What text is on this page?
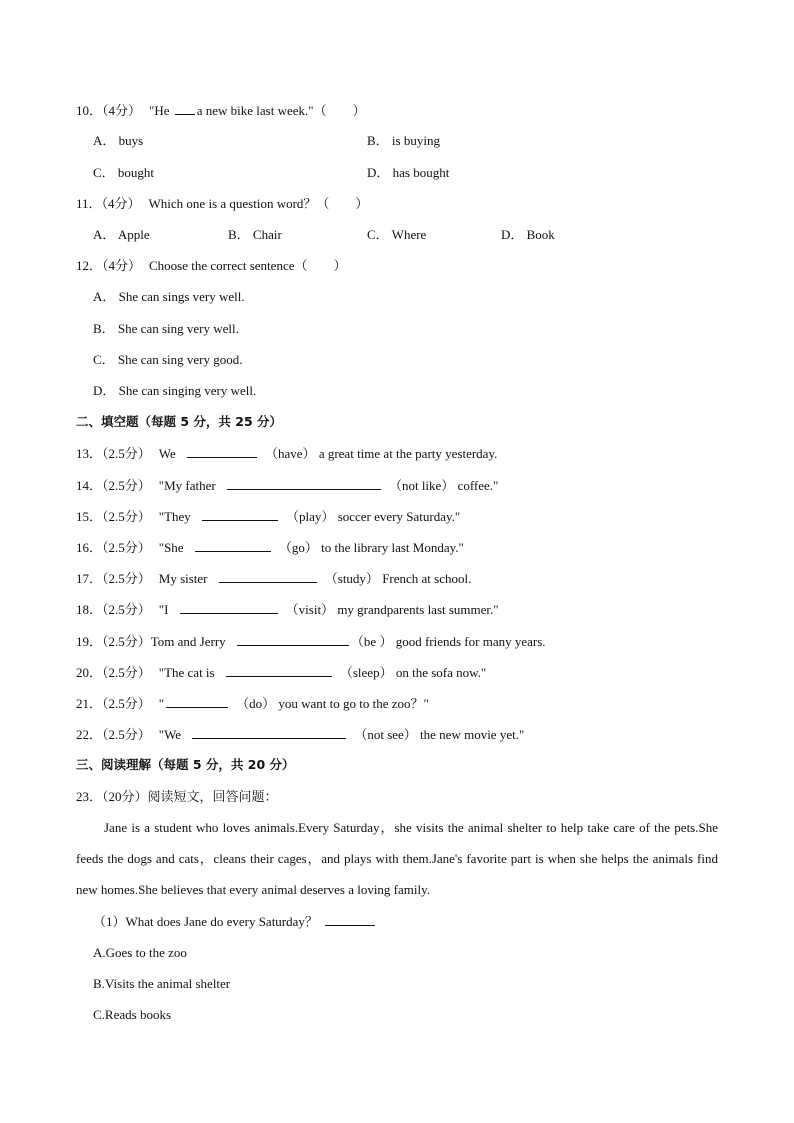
10．（4分） "He a new bike last week."（　　）
A． buys	B． is buying
C． bought	D． has bought
11．（4分） Which one is a question word？（　　）
A． Apple	B． Chair	C． Where	D． Book
12．（4分） Choose the correct sentence（　　）
A． She can sings very well.
B． She can sing very well.
C． She can sing very good.
D． She can singing very well.
二、填空题（每题 5 分，共 25 分）
13．（2.5分） We	（have） a great time at the party yesterday.
14．（2.5分） "My father	（not like） coffee."
15．（2.5分） "They	（play） soccer every Saturday."
16．（2.5分） "She	（go） to the library last Monday."
17．（2.5分） My sister	（study） French at school.
18．（2.5分） "I	（visit） my grandparents last summer."
19．（2.5分）Tom and Jerry	（be ） good friends for many years.
20．（2.5分） "The cat is	（sleep） on the sofa now."
21．（2.5分） "	（do） you want to go to the zoo？"
22．（2.5分） "We	（not see） the new movie yet."
三、阅读理解（每题 5 分，共 20 分）
23．（20分）阅读短文，回答问题：
Jane is a student who loves animals.Every Saturday，she visits the animal shelter to help take care of the pets.She feeds the dogs and cats，cleans their cages，and plays with them.Jane's favorite part is when she helps the animals find new homes.She believes that every animal deserves a loving family.
（1）What does Jane do every Saturday？
A.Goes to the zoo
B.Visits the animal shelter
C.Reads books
